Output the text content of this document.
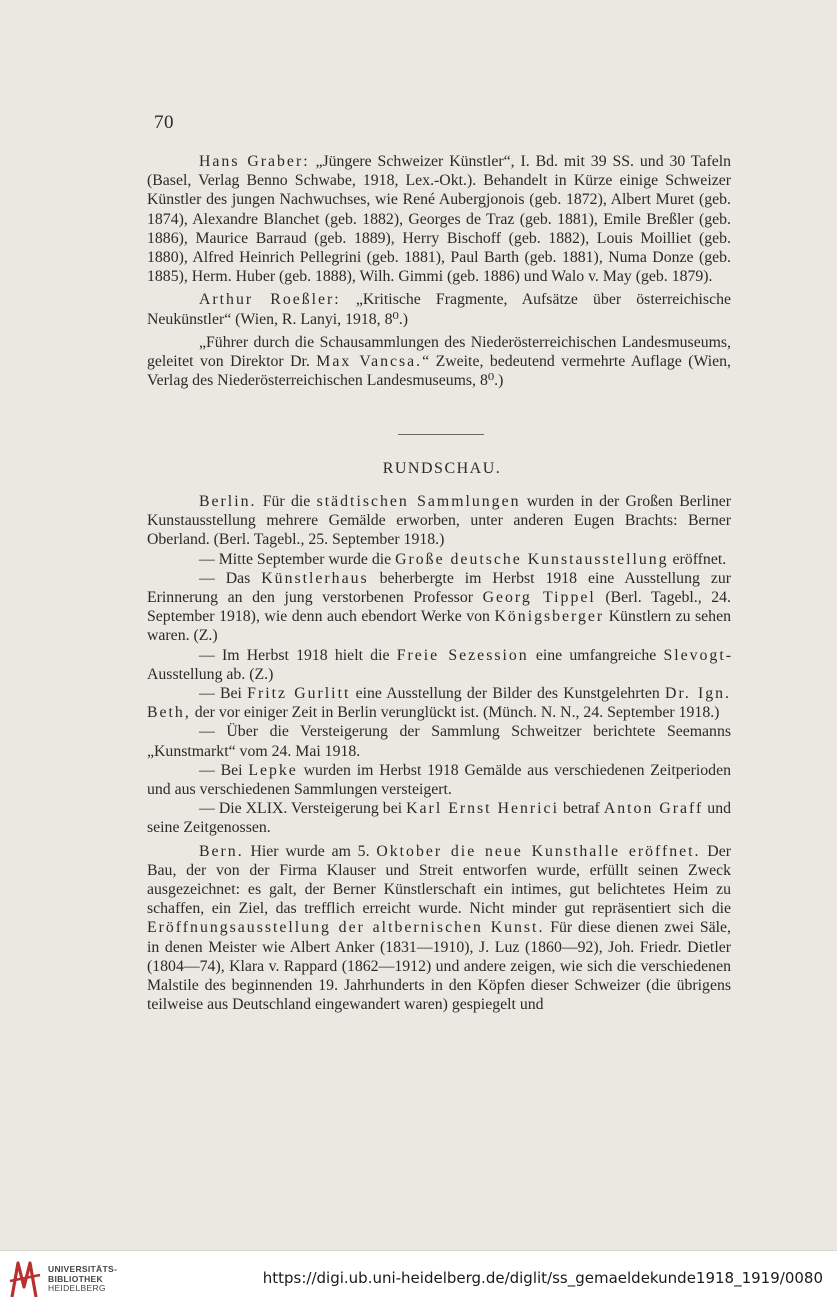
70

Hans Graber: „Jüngere Schweizer Künstler“, I. Bd. mit 39 SS. und 30 Tafeln (Basel, Verlag Benno Schwabe, 1918, Lex.-Okt.). Behandelt in Kürze einige Schweizer Künstler des jungen Nachwuchses, wie René Aubergjonois (geb. 1872), Albert Muret (geb. 1874), Alexandre Blanchet (geb. 1882), Georges de Traz (geb. 1881), Emile Breßler (geb. 1886), Maurice Barraud (geb. 1889), Herry Bischoff (geb. 1882), Louis Moilliet (geb. 1880), Alfred Heinrich Pellegrini (geb. 1881), Paul Barth (geb. 1881), Numa Donze (geb. 1885), Herm. Huber (geb. 1888), Wilh. Gimmi (geb. 1886) und Walo v. May (geb. 1879).

Arthur Roeßler: „Kritische Fragmente, Aufsätze über österreichische Neukünstler“ (Wien, R. Lanyi, 1918, 8⁰.)

„Führer durch die Schausammlungen des Niederösterreichischen Landesmuseums, geleitet von Direktor Dr. Max Vancsa.“ Zweite, bedeutend vermehrte Auflage (Wien, Verlag des Niederösterreichischen Landesmuseums, 8⁰.)

RUNDSCHAU.

Berlin. Für die städtischen Sammlungen wurden in der Großen Berliner Kunstausstellung mehrere Gemälde erworben, unter anderen Eugen Brachts: Berner Oberland. (Berl. Tagebl., 25. September 1918.)

— Mitte September wurde die Große deutsche Kunstausstellung eröffnet.

— Das Künstlerhaus beherbergte im Herbst 1918 eine Ausstellung zur Erinnerung an den jung verstorbenen Professor Georg Tippel (Berl. Tagebl., 24. September 1918), wie denn auch ebendort Werke von Königsberger Künstlern zu sehen waren. (Z.)

— Im Herbst 1918 hielt die Freie Sezession eine umfangreiche Slevogt-Ausstellung ab. (Z.)

— Bei Fritz Gurlitt eine Ausstellung der Bilder des Kunstgelehrten Dr. Ign. Beth, der vor einiger Zeit in Berlin verunglückt ist. (Münch. N. N., 24. September 1918.)

— Über die Versteigerung der Sammlung Schweitzer berichtete Seemanns „Kunstmarkt“ vom 24. Mai 1918.

— Bei Lepke wurden im Herbst 1918 Gemälde aus verschiedenen Zeitperioden und aus verschiedenen Sammlungen versteigert.

— Die XLIX. Versteigerung bei Karl Ernst Henrici betraf Anton Graff und seine Zeitgenossen.

Bern. Hier wurde am 5. Oktober die neue Kunsthalle eröffnet. Der Bau, der von der Firma Klauser und Streit entworfen wurde, erfüllt seinen Zweck ausgezeichnet: es galt, der Berner Künstlerschaft ein intimes, gut belichtetes Heim zu schaffen, ein Ziel, das trefflich erreicht wurde. Nicht minder gut repräsentiert sich die Eröffnungsausstellung der altbernischen Kunst. Für diese dienen zwei Säle, in denen Meister wie Albert Anker (1831—1910), J. Luz (1860—92), Joh. Friedr. Dietler (1804—74), Klara v. Rappard (1862—1912) und andere zeigen, wie sich die verschiedenen Malstile des beginnenden 19. Jahrhunderts in den Köpfen dieser Schweizer (die übrigens teilweise aus Deutschland eingewandert waren) gespiegelt und

UNIVERSITÄTS-
BIBLIOTHEK
HEIDELBERG
https://digi.ub.uni-heidelberg.de/diglit/ss_gemaeldekunde1918_1919/0080
